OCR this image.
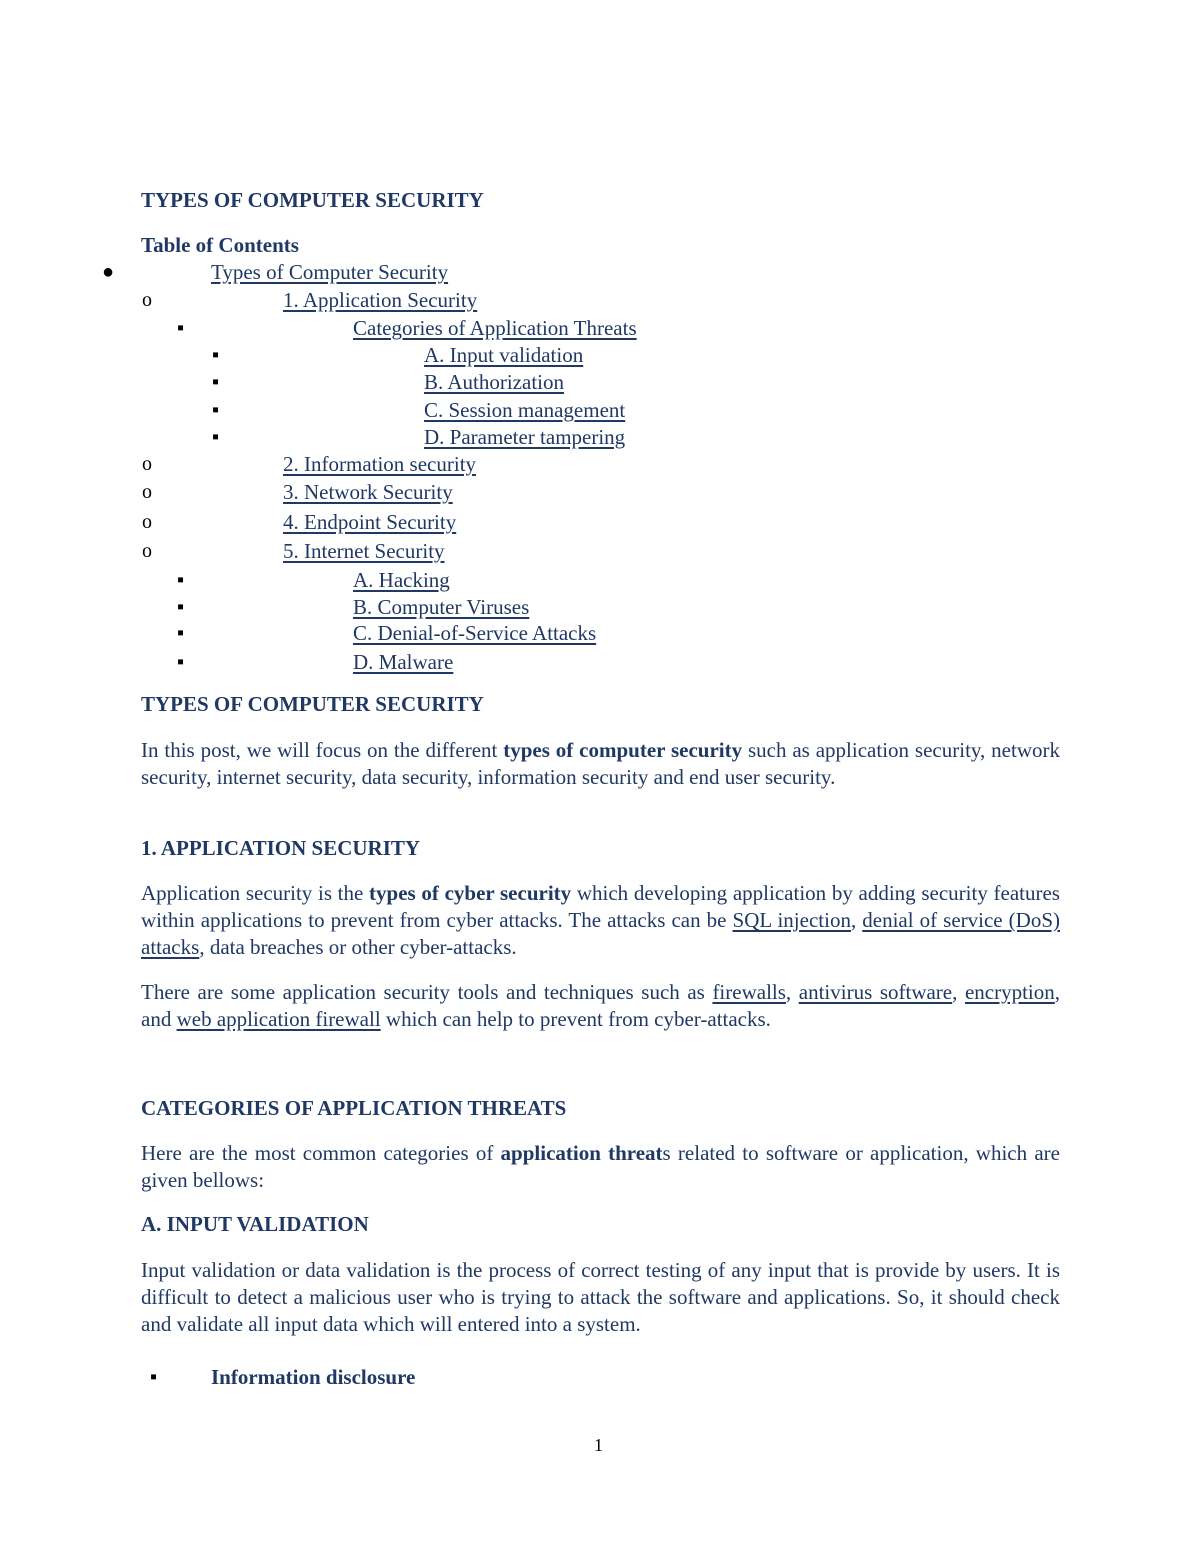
TYPES OF COMPUTER SECURITY
Table of Contents
●	Types of Computer Security
o	1. Application Security
▪	Categories of Application Threats
▪	A. Input validation
▪	B. Authorization
▪	C. Session management
▪	D. Parameter tampering
o	2. Information security
o	3. Network Security
o	4. Endpoint Security
o	5. Internet Security
▪	A. Hacking
▪	B. Computer Viruses
▪	C. Denial-of-Service Attacks
▪	D. Malware
TYPES OF COMPUTER SECURITY

In this post, we will focus on the different types of computer security such as application security, network security, internet security, data security, information security and end user security.

1. APPLICATION SECURITY

Application security is the types of cyber security which developing application by adding security features within applications to prevent from cyber attacks. The attacks can be SQL injection, denial of service (DoS) attacks, data breaches or other cyber-attacks.

There are some application security tools and techniques such as firewalls, antivirus software, encryption, and web application firewall which can help to prevent from cyber-attacks.

CATEGORIES OF APPLICATION THREATS

Here are the most common categories of application threats related to software or application, which are given bellows:

A. INPUT VALIDATION

Input validation or data validation is the process of correct testing of any input that is provide by users. It is difficult to detect a malicious user who is trying to attack the software and applications. So, it should check and validate all input data which will entered into a system.

▪	Information disclosure
1
